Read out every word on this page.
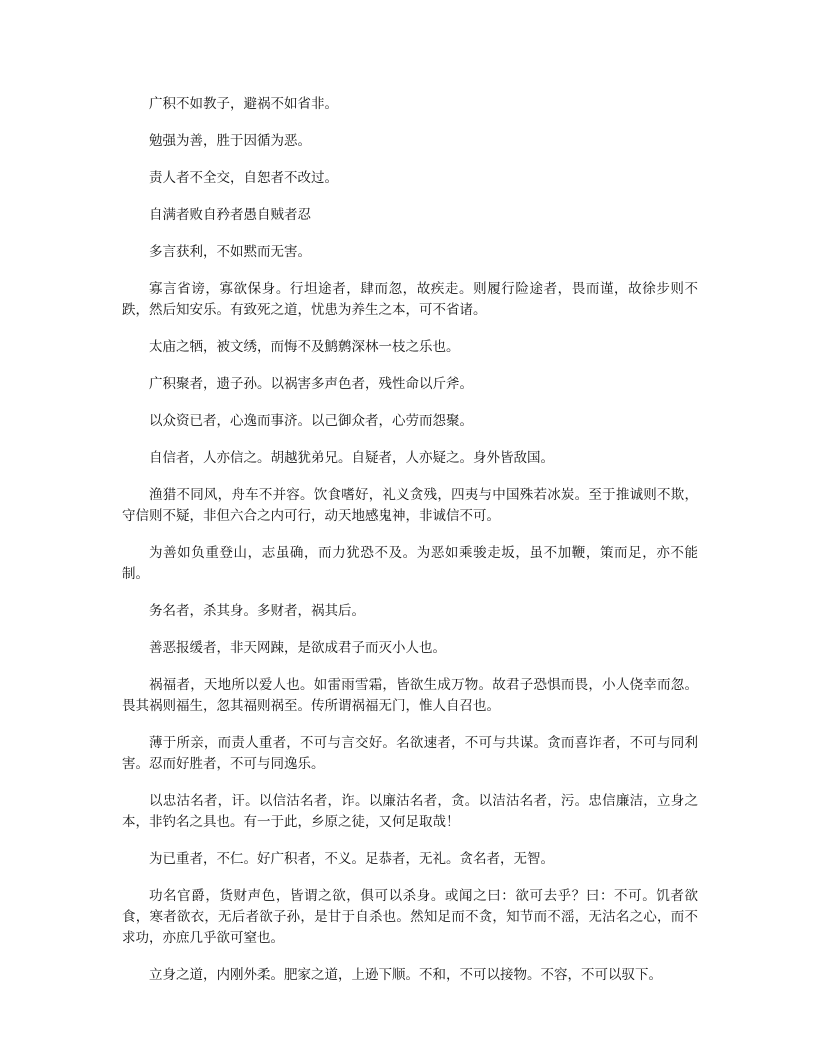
广积不如教子，避祸不如省非。

勉强为善，胜于因循为恶。

责人者不全交，自恕者不改过。

自满者败自矜者愚自贼者忍

多言获利，不如黙而无害。

寡言省谤，寡欲保身。行坦途者，肆而忽，故疾走。则履行险途者，畏而谨，故徐步则不跌，然后知安乐。有致死之道，忧患为养生之本，可不省诸。

太庙之牺，被文绣，而悔不及鹪鹩深林一枝之乐也。

广积聚者，遗子孙。以祸害多声色者，残性命以斤斧。

以众资已者，心逸而事济。以己御众者，心劳而怨聚。

自信者，人亦信之。胡越犹弟兄。自疑者，人亦疑之。身外皆敌国。

渔猎不同风，舟车不并容。饮食嗜好，礼义贪残，四夷与中国殊若冰炭。至于推诚则不欺，守信则不疑，非但六合之内可行，动天地感鬼神，非诚信不可。

为善如负重登山，志虽确，而力犹恐不及。为恶如乘骏走坂，虽不加鞭，策而足，亦不能制。

务名者，杀其身。多财者，祸其后。

善恶报缓者，非天网踈，是欲成君子而灭小人也。

祸福者，天地所以爱人也。如雷雨雪霜，皆欲生成万物。故君子恐惧而畏，小人侥幸而忽。畏其祸则福生，忽其福则祸至。传所谓祸福无门，惟人自召也。

薄于所亲，而责人重者，不可与言交好。名欲速者，不可与共谋。贪而喜诈者，不可与同利害。忍而好胜者，不可与同逸乐。

以忠沽名者，讦。以信沽名者，诈。以廉沽名者，贪。以洁沽名者，污。忠信廉洁，立身之本，非钓名之具也。有一于此，乡原之徒，又何足取哉！

为已重者，不仁。好广积者，不义。足恭者，无礼。贪名者，无智。

功名官爵，货财声色，皆谓之欲，俱可以杀身。或闻之曰：欲可去乎？曰：不可。饥者欲食，寒者欲衣，无后者欲子孙，是甘于自杀也。然知足而不贪，知节而不滛，无沽名之心，而不求功，亦庶几乎欲可窒也。

立身之道，内刚外柔。肥家之道，上逊下顺。不和，不可以接物。不容，不可以驭下。
